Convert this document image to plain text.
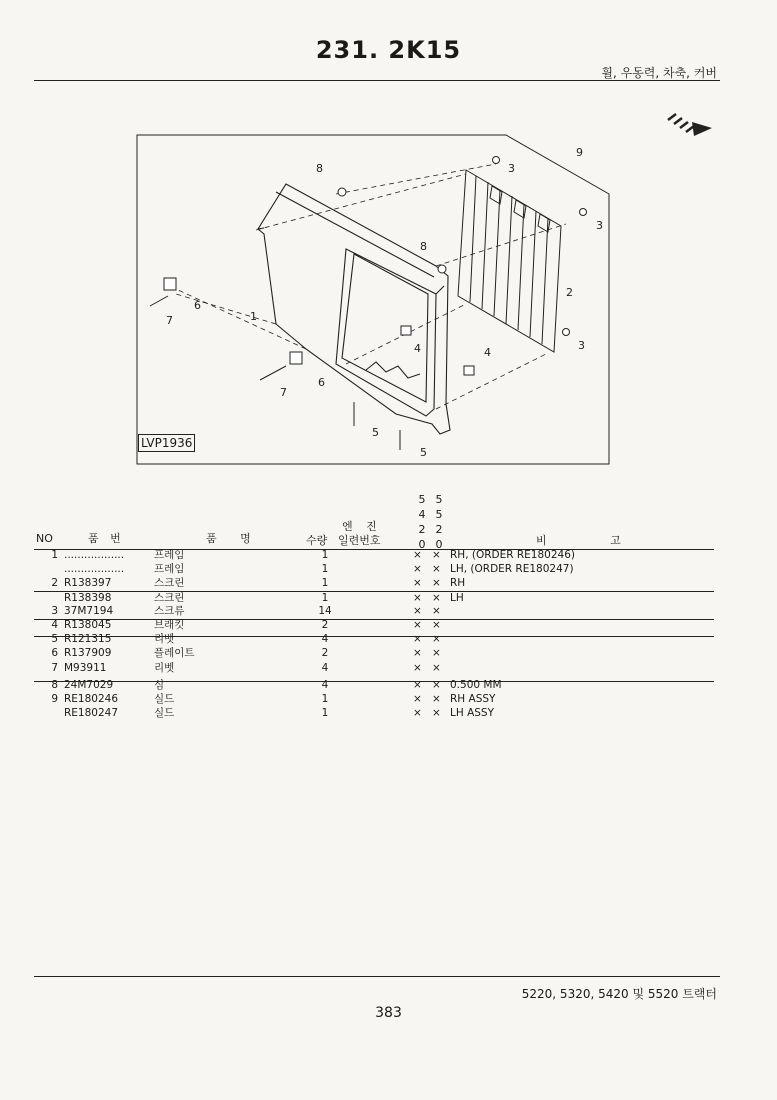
231. 2K15
휠, 우동력, 차축, 커버
8
9
3
3
8
2
6
7	1
4	4
3
6
7
5
5
LVP1936
5
4
2
0
5
5
2
0
엔 진
NO	품 번	품 명	수량 일련번호	비 고
1 ..................	프레임	1	× × RH, (ORDER RE180246)
..................	프레임	1	× × LH, (ORDER RE180247)
2 R138397	스크린	1	× × RH
R138398	스크린	1	× × LH
3 37M7194	스크류	14	× ×
4 R138045	브래킷	2	× ×
5 R121315	리벳	4	× ×
6 R137909	플레이트	2	× ×
7 M93911	리벳	4	× ×
8 24M7029	심	4	× × 0.500 MM
9 RE180246	실드	1	× × RH ASSY
RE180247	실드	1	× × LH ASSY
5220, 5320, 5420 및 5520 트랙터
383
